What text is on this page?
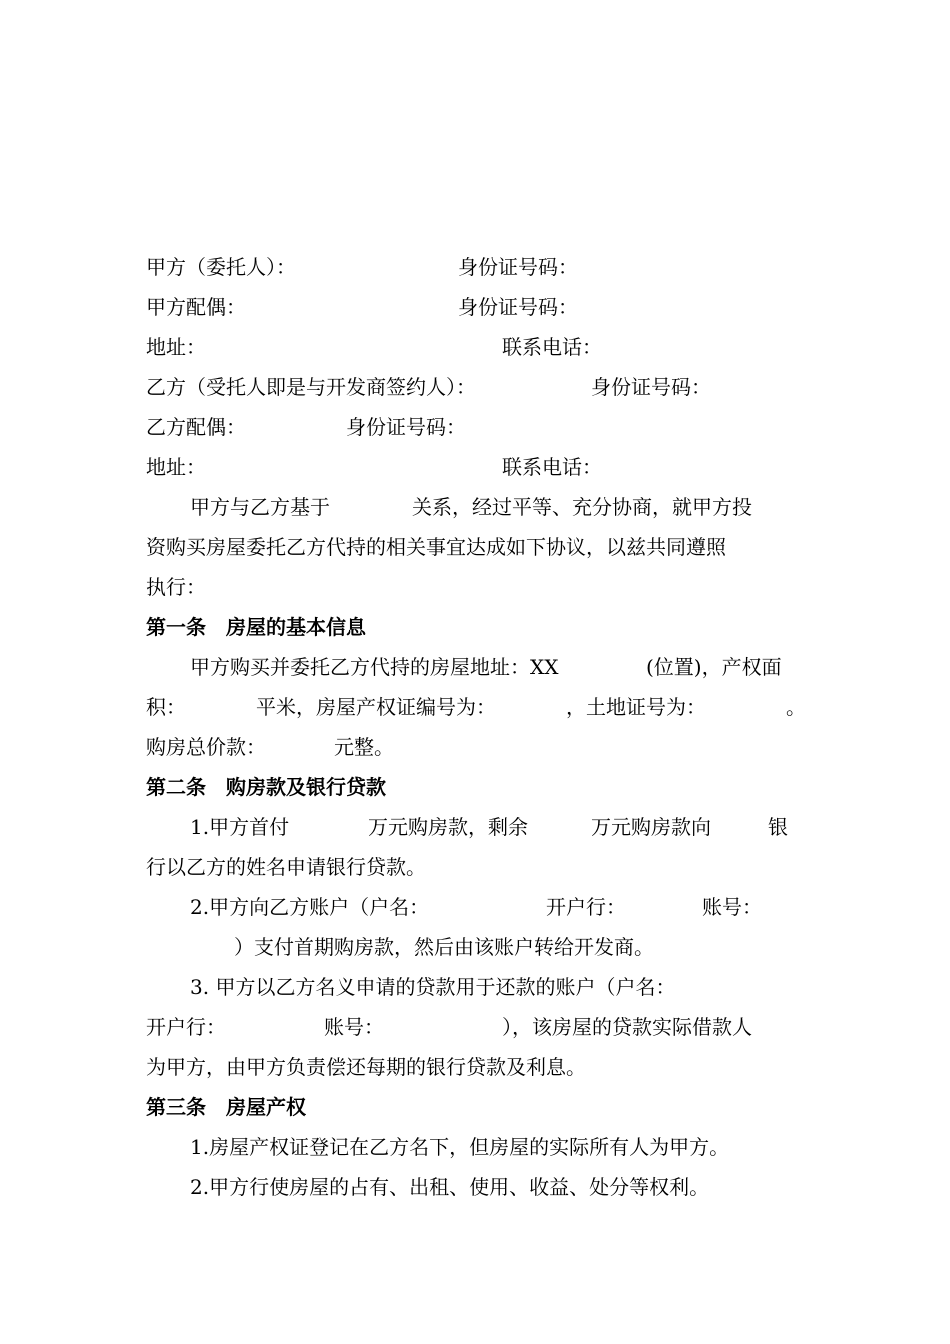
甲方（委托人）：	身份证号码：
甲方配偶：	身份证号码：
地址：	联系电话：
乙方（受托人即是与开发商签约人）：	身份证号码：
乙方配偶：	身份证号码：
地址：	联系电话：
甲方与乙方基于	关系，经过平等、充分协商，就甲方投
资购买房屋委托乙方代持的相关事宜达成如下协议，以兹共同遵照
执行：
第一条　房屋的基本信息
甲方购买并委托乙方代持的房屋地址：XX	(位置)，产权面
积：	平米，房屋产权证编号为：	，土地证号为：	。
购房总价款：	元整。
第二条　购房款及银行贷款
1.甲方首付	万元购房款，剩余	万元购房款向	银
行以乙方的姓名申请银行贷款。
2.甲方向乙方账户（户名：	开户行：	账号：
）支付首期购房款，然后由该账户转给开发商。
3. 甲方以乙方名义申请的贷款用于还款的账户（户名：
开户行：	账号：	），该房屋的贷款实际借款人
为甲方，由甲方负责偿还每期的银行贷款及利息。
第三条　房屋产权
1.房屋产权证登记在乙方名下，但房屋的实际所有人为甲方。
2.甲方行使房屋的占有、出租、使用、收益、处分等权利。
